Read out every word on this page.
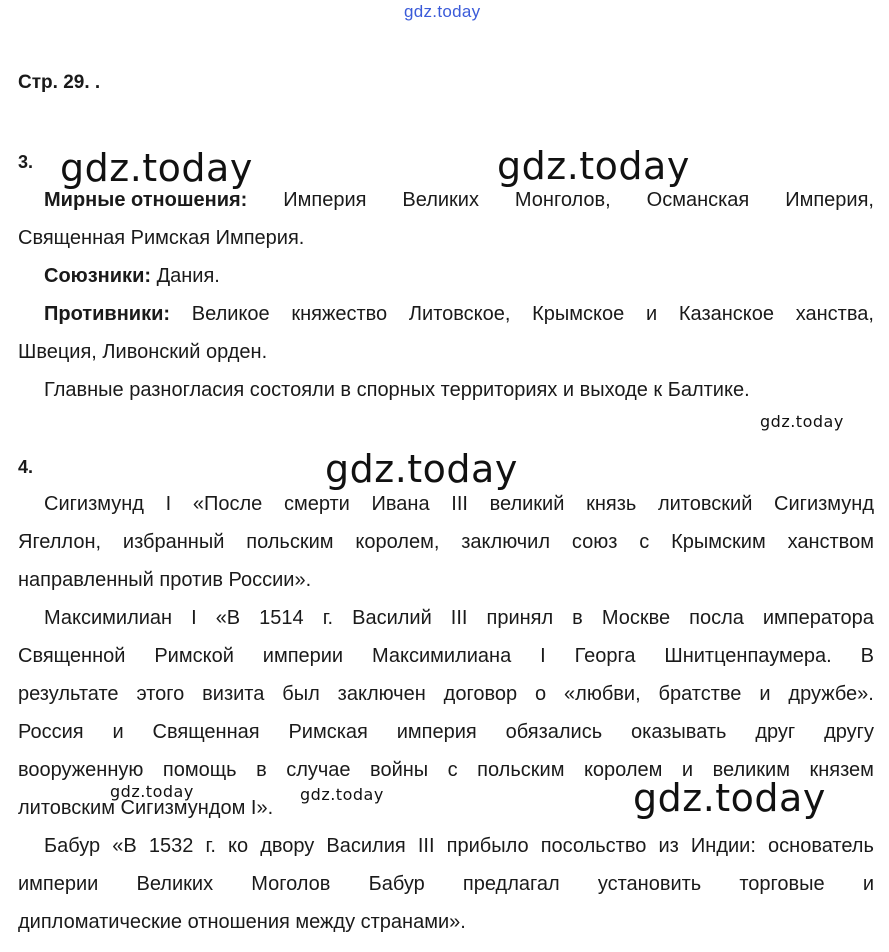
gdz.today
Стр. 29. .
3. gdz.today	gdz.today
Мирные отношения: Империя Великих Монголов, Османская Империя,
Священная Римская Империя.
Союзники: Дания.
Противники: Великое княжество Литовское, Крымское и Казанское ханства,
Швеция, Ливонский орден.
Главные разногласия состояли в спорных территориях и выходе к Балтике.
gdz.today
4.	gdz.today
Сигизмунд I «После смерти Ивана III великий князь литовский Сигизмунд
Ягеллон, избранный польским королем, заключил союз с Крымским ханством
направленный против России».
Максимилиан I «В 1514 г. Василий III принял в Москве посла императора
Священной Римской империи Максимилиана I Георга Шнитценпаумера. В
результате этого визита был заключен договор о «любви, братстве и дружбе».
Россия и Священная Римская империя обязались оказывать друг другу
вооруженную помощь в случае войны с польским королем и великим князем
литовским Сигизмундом I».
Бабур «В 1532 г. ко двору Василия III прибыло посольство из Индии: основатель
империи Великих Моголов Бабур предлагал установить торговые и
дипломатические отношения между странами».
gdz.today	gdz.today	gdz.today
